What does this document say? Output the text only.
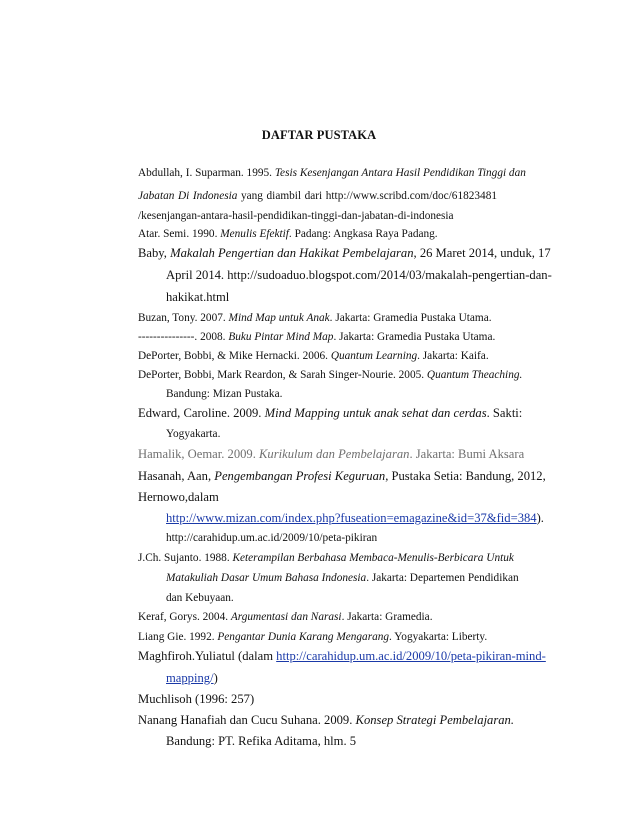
DAFTAR PUSTAKA
Abdullah, I. Suparman. 1995. Tesis Kesenjangan Antara Hasil Pendidikan Tinggi dan
Jabatan Di Indonesia yang diambil dari http://www.scribd.com/doc/61823481
/kesenjangan-antara-hasil-pendidikan-tinggi-dan-jabatan-di-indonesia
Atar. Semi. 1990. Menulis Efektif. Padang: Angkasa Raya Padang.
Baby, Makalah Pengertian dan Hakikat Pembelajaran, 26 Maret 2014, unduk, 17
April 2014. http://sudoaduo.blogspot.com/2014/03/makalah-pengertian-dan-
hakikat.html
Buzan, Tony. 2007. Mind Map untuk Anak. Jakarta: Gramedia Pustaka Utama.
---------------. 2008. Buku Pintar Mind Map. Jakarta: Gramedia Pustaka Utama.
DePorter, Bobbi, & Mike Hernacki. 2006. Quantum Learning. Jakarta: Kaifa.
DePorter, Bobbi, Mark Reardon, & Sarah Singer-Nourie. 2005. Quantum Theaching.
Bandung: Mizan Pustaka.
Edward, Caroline. 2009. Mind Mapping untuk anak sehat dan cerdas. Sakti:
Yogyakarta.
Hamalik, Oemar. 2009. Kurikulum dan Pembelajaran. Jakarta: Bumi Aksara
Hasanah, Aan, Pengembangan Profesi Keguruan, Pustaka Setia: Bandung, 2012,
Hernowo,dalam
http://www.mizan.com/index.php?fuseation=emagazine&id=37&fid=384).
http://carahidup.um.ac.id/2009/10/peta-pikiran
J.Ch. Sujanto. 1988. Keterampilan Berbahasa Membaca-Menulis-Berbicara Untuk
Matakuliah Dasar Umum Bahasa Indonesia. Jakarta: Departemen Pendidikan
dan Kebuyaan.
Keraf, Gorys. 2004. Argumentasi dan Narasi. Jakarta: Gramedia.
Liang Gie. 1992. Pengantar Dunia Karang Mengarang. Yogyakarta: Liberty.
Maghfiroh.Yuliatul (dalam http://carahidup.um.ac.id/2009/10/peta-pikiran-mind-
mapping/)
Muchlisoh (1996: 257)
Nanang Hanafiah dan Cucu Suhana. 2009. Konsep Strategi Pembelajaran.
Bandung: PT. Refika Aditama, hlm. 5
